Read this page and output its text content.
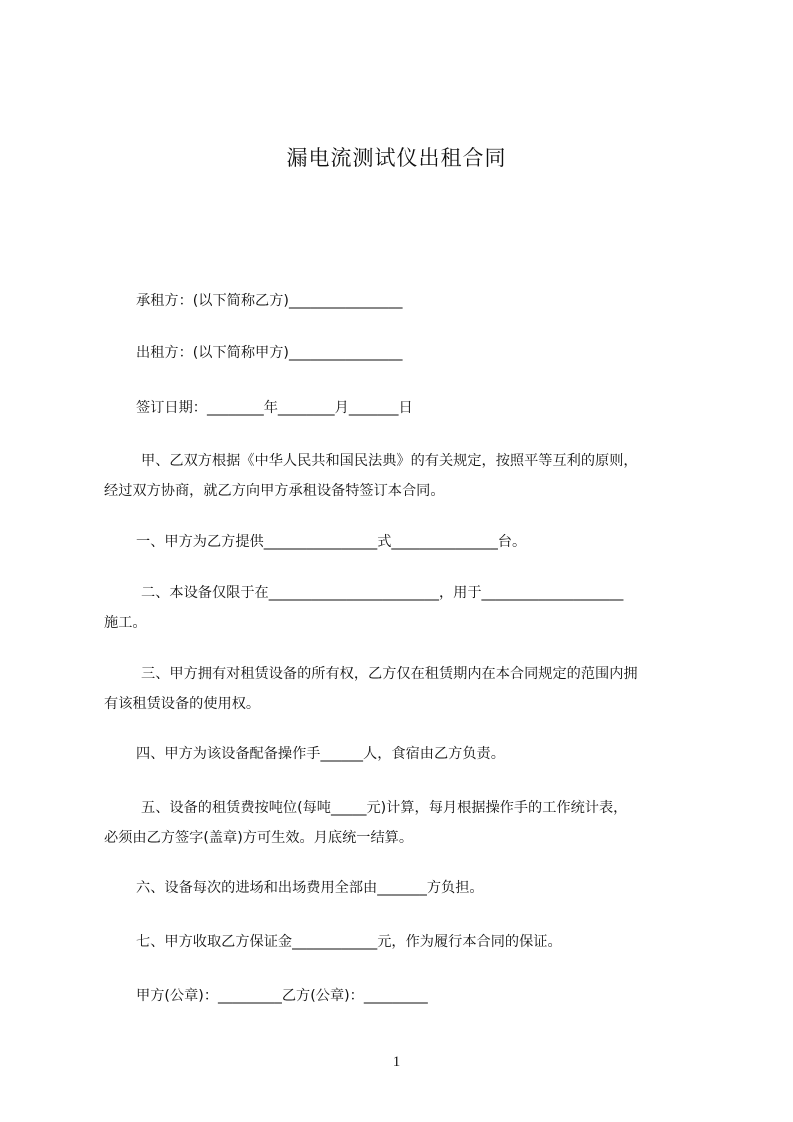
漏电流测试仪出租合同

承租方：(以下简称乙方)________________

出租方：(以下简称甲方)________________

签订日期：________年________月_______日

甲、乙双方根据《中华人民共和国民法典》的有关规定，按照平等互利的原则，
经过双方协商，就乙方向甲方承租设备特签订本合同。

一、甲方为乙方提供________________式_______________台。

二、本设备仅限于在________________________，用于____________________
施工。

三、甲方拥有对租赁设备的所有权，乙方仅在租赁期内在本合同规定的范围内拥
有该租赁设备的使用权。

四、甲方为该设备配备操作手______人，食宿由乙方负责。

五、设备的租赁费按吨位(每吨_____元)计算，每月根据操作手的工作统计表，
必须由乙方签字(盖章)方可生效。月底统一结算。

六、设备每次的进场和出场费用全部由_______方负担。

七、甲方收取乙方保证金____________元，作为履行本合同的保证。

甲方(公章)：_________乙方(公章)：_________

1
